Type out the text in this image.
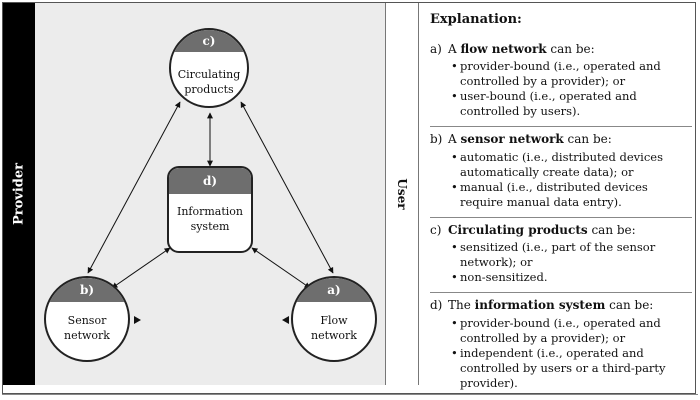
Provider	User
c)
Circulating
products
d)
Information
system
b)
Sensor
network
a)
Flow
network
Explanation:
a) A flow network can be:
• provider-bound (i.e., operated and controlled by a provider); or
• user-bound (i.e., operated and controlled by users).
b) A sensor network can be:
• automatic (i.e., distributed devices automatically create data); or
• manual (i.e., distributed devices require manual data entry).
c) Circulating products can be:
• sensitized (i.e., part of the sensor network); or
• non-sensitized.
d) The information system can be:
• provider-bound (i.e., operated and controlled by a provider); or
• independent (i.e., operated and controlled by users or a third-party provider).
